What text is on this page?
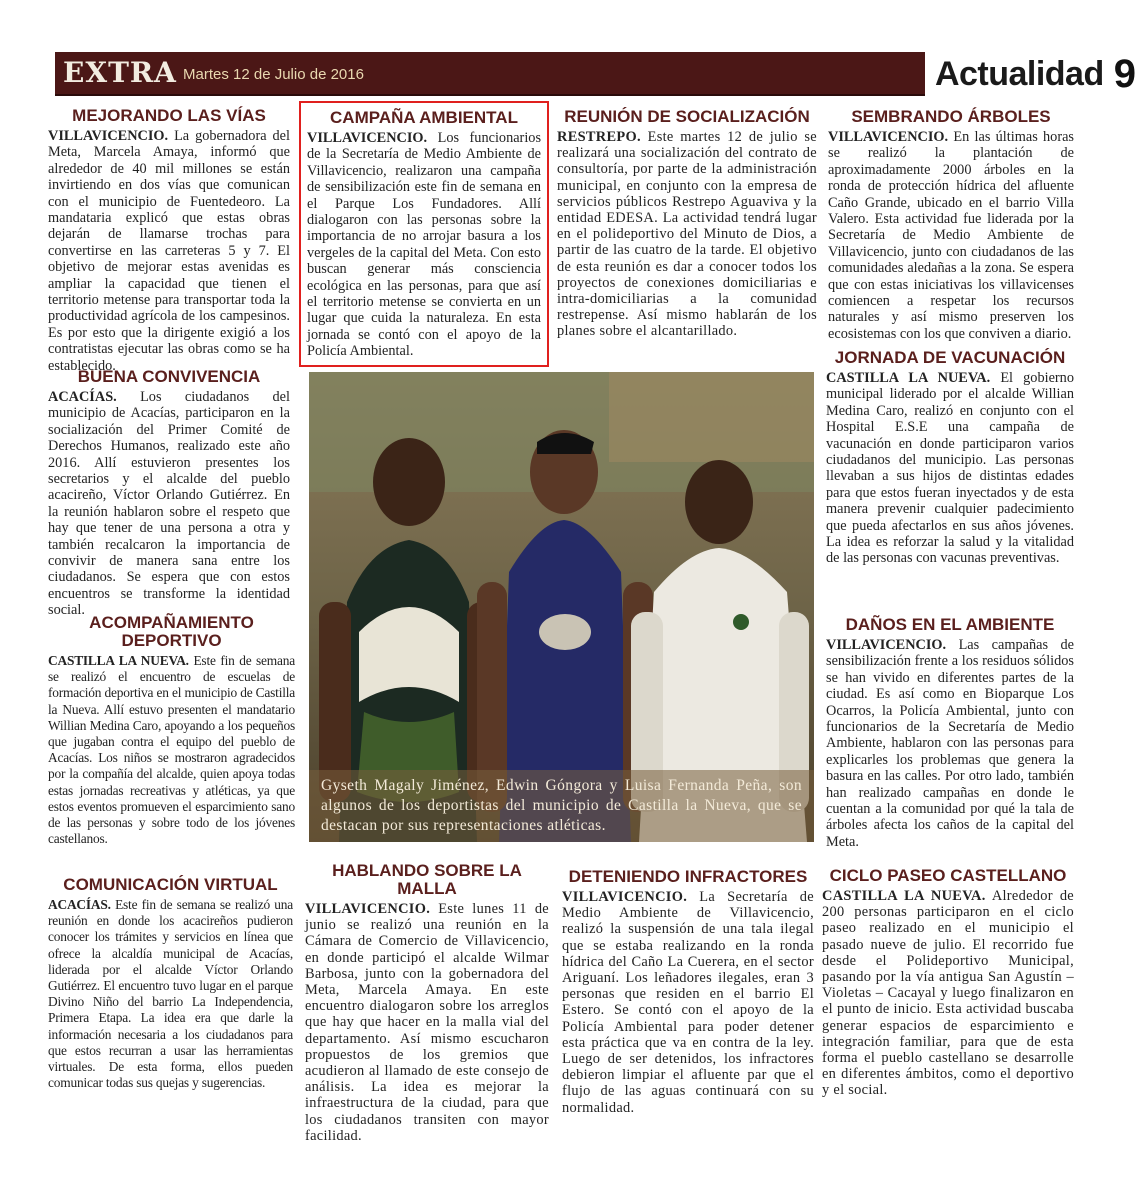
EXTRA Martes 12 de Julio de 2016	Actualidad 9
MEJORANDO LAS VÍAS

VILLAVICENCIO. La gobernadora del Meta, Marcela Amaya, informó que alrededor de 40 mil millones se están invirtiendo en dos vías que comunican con el municipio de Fuentedeoro. La mandataria explicó que estas obras dejarán de llamarse trochas para convertirse en las carreteras 5 y 7. El objetivo de mejorar estas avenidas es ampliar la capacidad que tienen el territorio metense para transportar toda la productividad agrícola de los campesinos. Es por esto que la dirigente exigió a los contratistas ejecutar las obras como se ha establecido.

BUENA CONVIVENCIA

ACACÍAS. Los ciudadanos del municipio de Acacías, participaron en la socialización del Primer Comité de Derechos Humanos, realizado este año 2016. Allí estuvieron presentes los secretarios y el alcalde del pueblo acacireño, Víctor Orlando Gutiérrez. En la reunión hablaron sobre el respeto que hay que tener de una persona a otra y también recalcaron la importancia de convivir de manera sana entre los ciudadanos. Se espera que con estos encuentros se transforme la identidad social.

ACOMPAÑAMIENTO DEPORTIVO

CASTILLA LA NUEVA. Este fin de semana se realizó el encuentro de escuelas de formación deportiva en el municipio de Castilla la Nueva. Allí estuvo presenten el mandatario Willian Medina Caro, apoyando a los pequeños que jugaban contra el equipo del pueblo de Acacías. Los niños se mostraron agradecidos por la compañía del alcalde, quien apoya todas estas jornadas recreativas y atléticas, ya que estos eventos promueven el esparcimiento sano de las personas y sobre todo de los jóvenes castellanos.

COMUNICACIÓN VIRTUAL

ACACÍAS. Este fin de semana se realizó una reunión en donde los acacireños pudieron conocer los trámites y servicios en línea que ofrece la alcaldía municipal de Acacías, liderada por el alcalde Víctor Orlando Gutiérrez. El encuentro tuvo lugar en el parque Divino Niño del barrio La Independencia, Primera Etapa. La idea era que darle la información necesaria a los ciudadanos para que estos recurran a usar las herramientas virtuales. De esta forma, ellos pueden comunicar todas sus quejas y sugerencias.

CAMPAÑA AMBIENTAL

VILLAVICENCIO. Los funcionarios de la Secretaría de Medio Ambiente de Villavicencio, realizaron una campaña de sensibilización este fin de semana en el Parque Los Fundadores. Allí dialogaron con las personas sobre la importancia de no arrojar basura a los vergeles de la capital del Meta. Con esto buscan generar más consciencia ecológica en las personas, para que así el territorio metense se convierta en un lugar que cuida la naturaleza. En esta jornada se contó con el apoyo de la Policía Ambiental.

HABLANDO SOBRE LA MALLA

VILLAVICENCIO. Este lunes 11 de junio se realizó una reunión en la Cámara de Comercio de Villavicencio, en donde participó el alcalde Wilmar Barbosa, junto con la gobernadora del Meta, Marcela Amaya. En este encuentro dialogaron sobre los arreglos que hay que hacer en la malla vial del departamento. Así mismo escucharon propuestos de los gremios que acudieron al llamado de este consejo de análisis. La idea es mejorar la infraestructura de la ciudad, para que los ciudadanos transiten con mayor facilidad.

REUNIÓN DE SOCIALIZACIÓN

RESTREPO. Este martes 12 de julio se realizará una socialización del contrato de consultoría, por parte de la administración municipal, en conjunto con la empresa de servicios públicos Restrepo Aguaviva y la entidad EDESA. La actividad tendrá lugar en el polideportivo del Minuto de Dios, a partir de las cuatro de la tarde. El objetivo de esta reunión es dar a conocer todos los proyectos de conexiones domiciliarias e intra-domiciliarias a la comunidad restrepense. Así mismo hablarán de los planes sobre el alcantarillado.

DETENIENDO INFRACTORES

VILLAVICENCIO. La Secretaría de Medio Ambiente de Villavicencio, realizó la suspensión de una tala ilegal que se estaba realizando en la ronda hídrica del Caño La Cuerera, en el sector Ariguaní. Los leñadores ilegales, eran 3 personas que residen en el barrio El Estero. Se contó con el apoyo de la Policía Ambiental para poder detener esta práctica que va en contra de la ley. Luego de ser detenidos, los infractores debieron limpiar el afluente par que el flujo de las aguas continuará con su normalidad.

SEMBRANDO ÁRBOLES

VILLAVICENCIO. En las últimas horas se realizó la plantación de aproximadamente 2000 árboles en la ronda de protección hídrica del afluente Caño Grande, ubicado en el barrio Villa Valero. Esta actividad fue liderada por la Secretaría de Medio Ambiente de Villavicencio, junto con ciudadanos de las comunidades aledañas a la zona. Se espera que con estas iniciativas los villavicenses comiencen a respetar los recursos naturales y así mismo preserven los ecosistemas con los que conviven a diario.

JORNADA DE VACUNACIÓN

CASTILLA LA NUEVA. El gobierno municipal liderado por el alcalde Willian Medina Caro, realizó en conjunto con el Hospital E.S.E una campaña de vacunación en donde participaron varios ciudadanos del municipio. Las personas llevaban a sus hijos de distintas edades para que estos fueran inyectados y de esta manera prevenir cualquier padecimiento que pueda afectarlos en sus años jóvenes. La idea es reforzar la salud y la vitalidad de las personas con vacunas preventivas.

DAÑOS EN EL AMBIENTE

VILLAVICENCIO. Las campañas de sensibilización frente a los residuos sólidos se han vivido en diferentes partes de la ciudad. Es así como en Bioparque Los Ocarros, la Policía Ambiental, junto con funcionarios de la Secretaría de Medio Ambiente, hablaron con las personas para explicarles los problemas que genera la basura en las calles. Por otro lado, también han realizado campañas en donde le cuentan a la comunidad por qué la tala de árboles afecta los caños de la capital del Meta.

CICLO PASEO CASTELLANO

CASTILLA LA NUEVA. Alrededor de 200 personas participaron en el ciclo paseo realizado en el municipio el pasado nueve de julio. El recorrido fue desde el Polideportivo Municipal, pasando por la vía antigua San Agustín – Violetas – Cacayal y luego finalizaron en el punto de inicio. Esta actividad buscaba generar espacios de esparcimiento e integración familiar, para que de esta forma el pueblo castellano se desarrolle en diferentes ámbitos, como el deportivo y el social.

Gyseth Magaly Jiménez, Edwin Góngora y Luisa Fernanda Peña, son algunos de los deportistas del municipio de Castilla la Nueva, que se destacan por sus representaciones atléticas.
